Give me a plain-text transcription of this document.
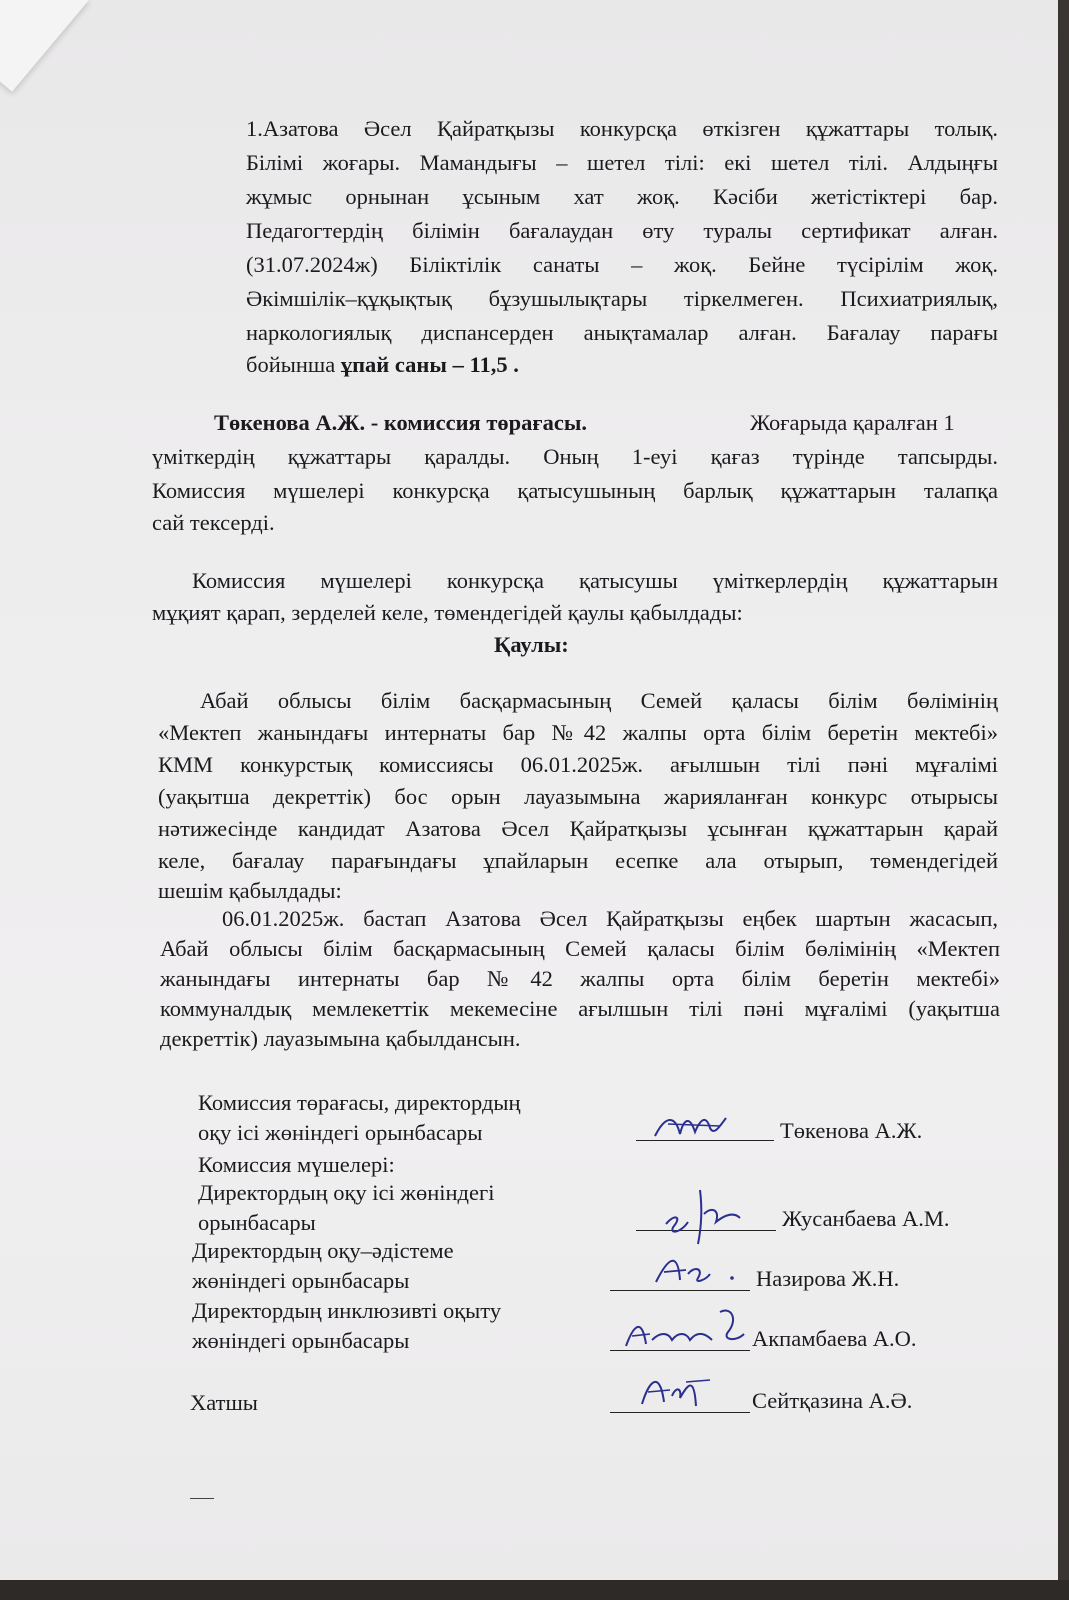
1.Азатова Әсел Қайратқызы конкурсқа өткізген құжаттары толық.
Білімі жоғары. Мамандығы – шетел тілі: екі шетел тілі. Алдыңғы
жұмыс орнынан ұсыным хат жоқ. Кәсіби жетістіктері бар.
Педагогтердің білімін бағалаудан өту туралы сертификат алған.
(31.07.2024ж) Біліктілік санаты – жоқ. Бейне түсірілім жоқ.
Әкімшілік–құқықтық бұзушылықтары тіркелмеген. Психиатриялық,
наркологиялық диспансерден анықтамалар алған. Бағалау парағы
бойынша ұпай саны – 11,5 .
Төкенова А.Ж. - комиссия төрағасы.	Жоғарыда қаралған 1
үміткердің құжаттары қаралды. Оның 1-еуі қағаз түрінде тапсырды.
Комиссия мүшелері конкурсқа қатысушының барлық құжаттарын талапқа
сай тексерді.
Комиссия мүшелері конкурсқа қатысушы үміткерлердің құжаттарын
мұқият қарап, зерделей келе, төмендегідей қаулы қабылдады:
Қаулы:
Абай облысы білім басқармасының Семей қаласы білім бөлімінің
«Мектеп жанындағы интернаты бар №42 жалпы орта білім беретін мектебі»
КММ конкурстық комиссиясы 06.01.2025ж. ағылшын тілі пәні мұғалімі
(уақытша декреттік) бос орын лауазымына жарияланған конкурс отырысы
нәтижесінде кандидат Азатова Әсел Қайратқызы ұсынған құжаттарын қарай
келе, бағалау парағындағы ұпайларын есепке ала отырып, төмендегідей
шешім қабылдады:
06.01.2025ж. бастап Азатова Әсел Қайратқызы еңбек шартын жасасып,
Абай облысы білім басқармасының Семей қаласы білім бөлімінің «Мектеп
жанындағы интернаты бар №42 жалпы орта білім беретін мектебі»
коммуналдық мемлекеттік мекемесіне ағылшын тілі пәні мұғалімі (уақытша
декреттік) лауазымына қабылдансын.
Комиссия төрағасы, директордың
оқу ісі жөніндегі орынбасары	Төкенова А.Ж.
Комиссия мүшелері:
Директордың оқу ісі жөніндегі
орынбасары	Жусанбаева А.М.
Директордың оқу–әдістеме
жөніндегі орынбасары	Назирова Ж.Н.
Директордың инклюзивті оқыту
жөніндегі орынбасары	Акпамбаева А.О.
Хатшы	Сейтқазина А.Ә.
